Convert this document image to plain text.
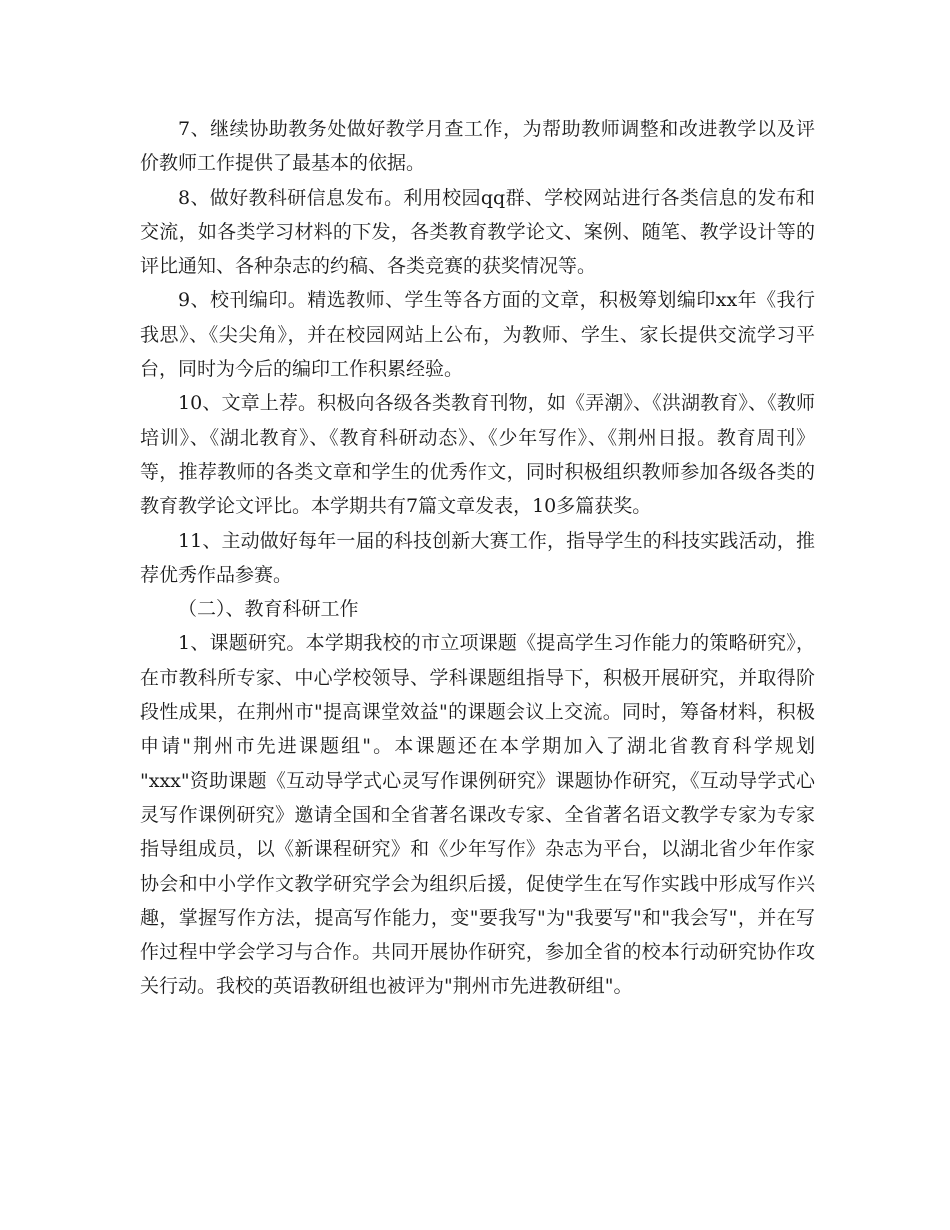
7、继续协助教务处做好教学月查工作，为帮助教师调整和改进教学以及评价教师工作提供了最基本的依据。

8、做好教科研信息发布。利用校园qq群、学校网站进行各类信息的发布和交流，如各类学习材料的下发，各类教育教学论文、案例、随笔、教学设计等的评比通知、各种杂志的约稿、各类竞赛的获奖情况等。

9、校刊编印。精选教师、学生等各方面的文章，积极筹划编印xx年《我行我思》、《尖尖角》，并在校园网站上公布，为教师、学生、家长提供交流学习平台，同时为今后的编印工作积累经验。

10、文章上荐。积极向各级各类教育刊物，如《弄潮》、《洪湖教育》、《教师培训》、《湖北教育》、《教育科研动态》、《少年写作》、《荆州日报。教育周刊》等，推荐教师的各类文章和学生的优秀作文，同时积极组织教师参加各级各类的教育教学论文评比。本学期共有7篇文章发表，10多篇获奖。

11、主动做好每年一届的科技创新大赛工作，指导学生的科技实践活动，推荐优秀作品参赛。

（二）、教育科研工作

1、课题研究。本学期我校的市立项课题《提高学生习作能力的策略研究》，在市教科所专家、中心学校领导、学科课题组指导下，积极开展研究，并取得阶段性成果，在荆州市"提高课堂效益"的课题会议上交流。同时，筹备材料，积极申请"荆州市先进课题组"。本课题还在本学期加入了湖北省教育科学规划 "xxx"资助课题《互动导学式心灵写作课例研究》课题协作研究，《互动导学式心灵写作课例研究》邀请全国和全省著名课改专家、全省著名语文教学专家为专家指导组成员，以《新课程研究》和《少年写作》杂志为平台，以湖北省少年作家协会和中小学作文教学研究学会为组织后援，促使学生在写作实践中形成写作兴趣，掌握写作方法，提高写作能力，变"要我写"为"我要写"和"我会写"，并在写作过程中学会学习与合作。共同开展协作研究，参加全省的校本行动研究协作攻关行动。我校的英语教研组也被评为"荆州市先进教研组"。
